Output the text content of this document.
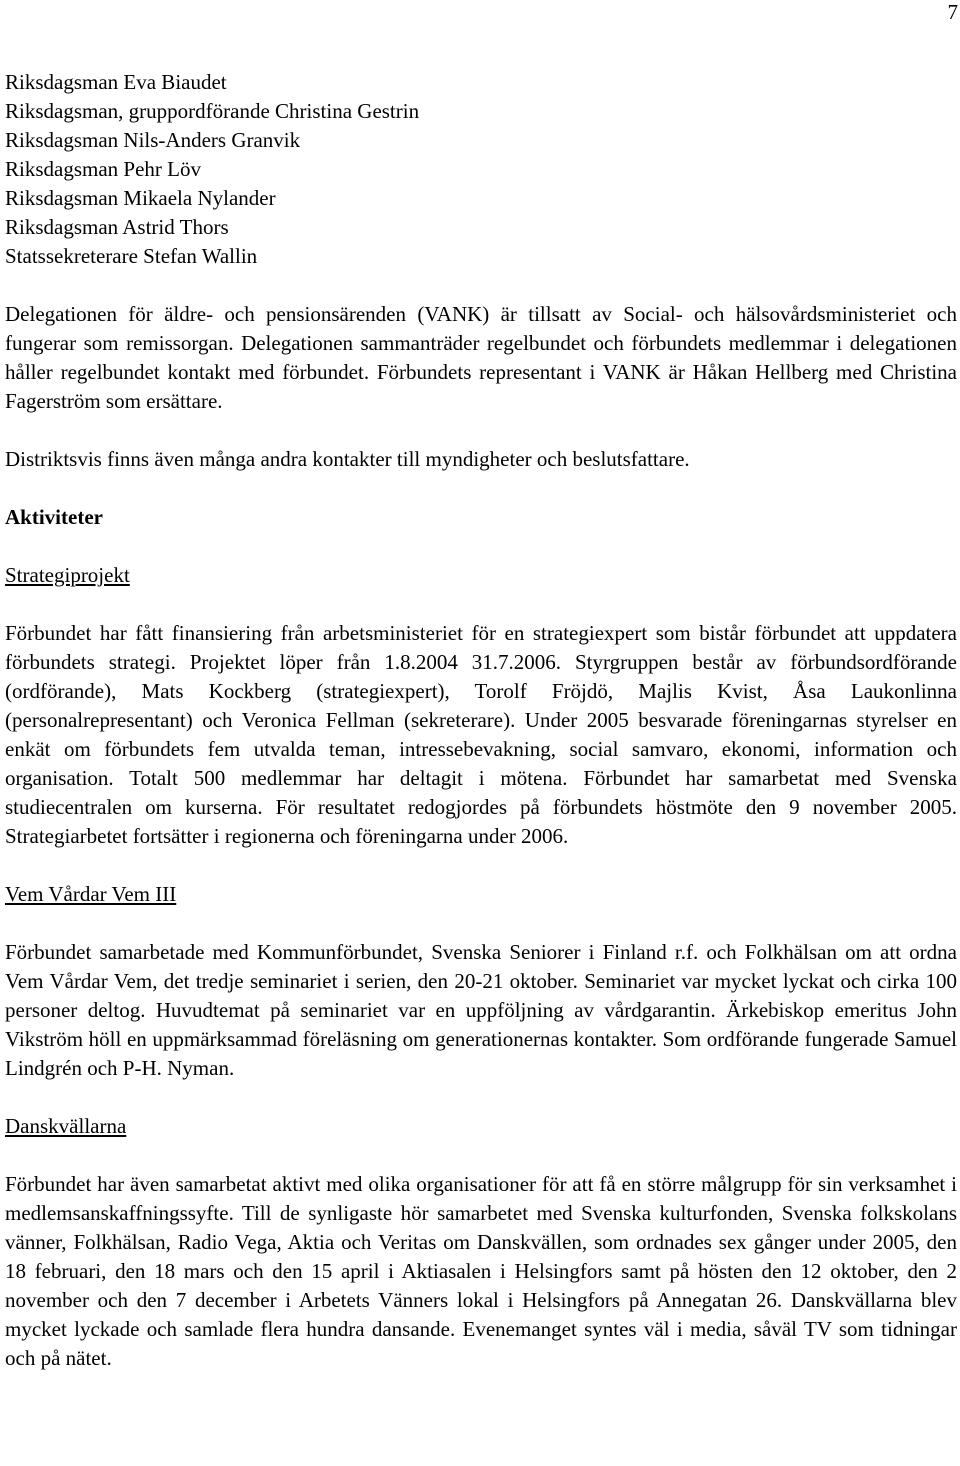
7
Riksdagsman Eva Biaudet
Riksdagsman, gruppordförande Christina Gestrin
Riksdagsman Nils-Anders Granvik
Riksdagsman Pehr Löv
Riksdagsman Mikaela Nylander
Riksdagsman Astrid Thors
Statssekreterare Stefan Wallin

Delegationen för äldre- och pensionsärenden (VANK) är tillsatt av Social- och hälsovårdsministeriet och fungerar som remissorgan. Delegationen sammanträder regelbundet och förbundets medlemmar i delegationen håller regelbundet kontakt med förbundet. Förbundets representant i VANK är Håkan Hellberg med Christina Fagerström som ersättare.

Distriktsvis finns även många andra kontakter till myndigheter och beslutsfattare.

Aktiviteter
Strategiprojekt

Förbundet har fått finansiering från arbetsministeriet för en strategiexpert som bistår förbundet att uppdatera förbundets strategi. Projektet löper från 1.8.2004 31.7.2006. Styrgruppen består av förbundsordförande (ordförande), Mats Kockberg (strategiexpert), Torolf Fröjdö, Majlis Kvist, Åsa Laukonlinna (personalrepresentant) och Veronica Fellman (sekreterare). Under 2005 besvarade föreningarnas styrelser en enkät om förbundets fem utvalda teman, intressebevakning, social samvaro, ekonomi, information och organisation. Totalt 500 medlemmar har deltagit i mötena. Förbundet har samarbetat med Svenska studiecentralen om kurserna. För resultatet redogjordes på förbundets höstmöte den 9 november 2005. Strategiarbetet fortsätter i regionerna och föreningarna under 2006.

Vem Vårdar Vem III

Förbundet samarbetade med Kommunförbundet, Svenska Seniorer i Finland r.f. och Folkhälsan om att ordna Vem Vårdar Vem, det tredje seminariet i serien, den 20-21 oktober. Seminariet var mycket lyckat och cirka 100 personer deltog. Huvudtemat på seminariet var en uppföljning av vårdgarantin. Ärkebiskop emeritus John Vikström höll en uppmärksammad föreläsning om generationernas kontakter. Som ordförande fungerade Samuel Lindgrén och P-H. Nyman.

Danskvällarna

Förbundet har även samarbetat aktivt med olika organisationer för att få en större målgrupp för sin verksamhet i medlemsanskaffningssyfte. Till de synligaste hör samarbetet med Svenska kulturfonden, Svenska folkskolans vänner, Folkhälsan, Radio Vega, Aktia och Veritas om Danskvällen, som ordnades sex gånger under 2005, den 18 februari, den 18 mars och den 15 april i Aktiasalen i Helsingfors samt på hösten den 12 oktober, den 2 november och den 7 december i Arbetets Vänners lokal i Helsingfors på Annegatan 26. Danskvällarna blev mycket lyckade och samlade flera hundra dansande. Evenemanget syntes väl i media, såväl TV som tidningar och på nätet.
